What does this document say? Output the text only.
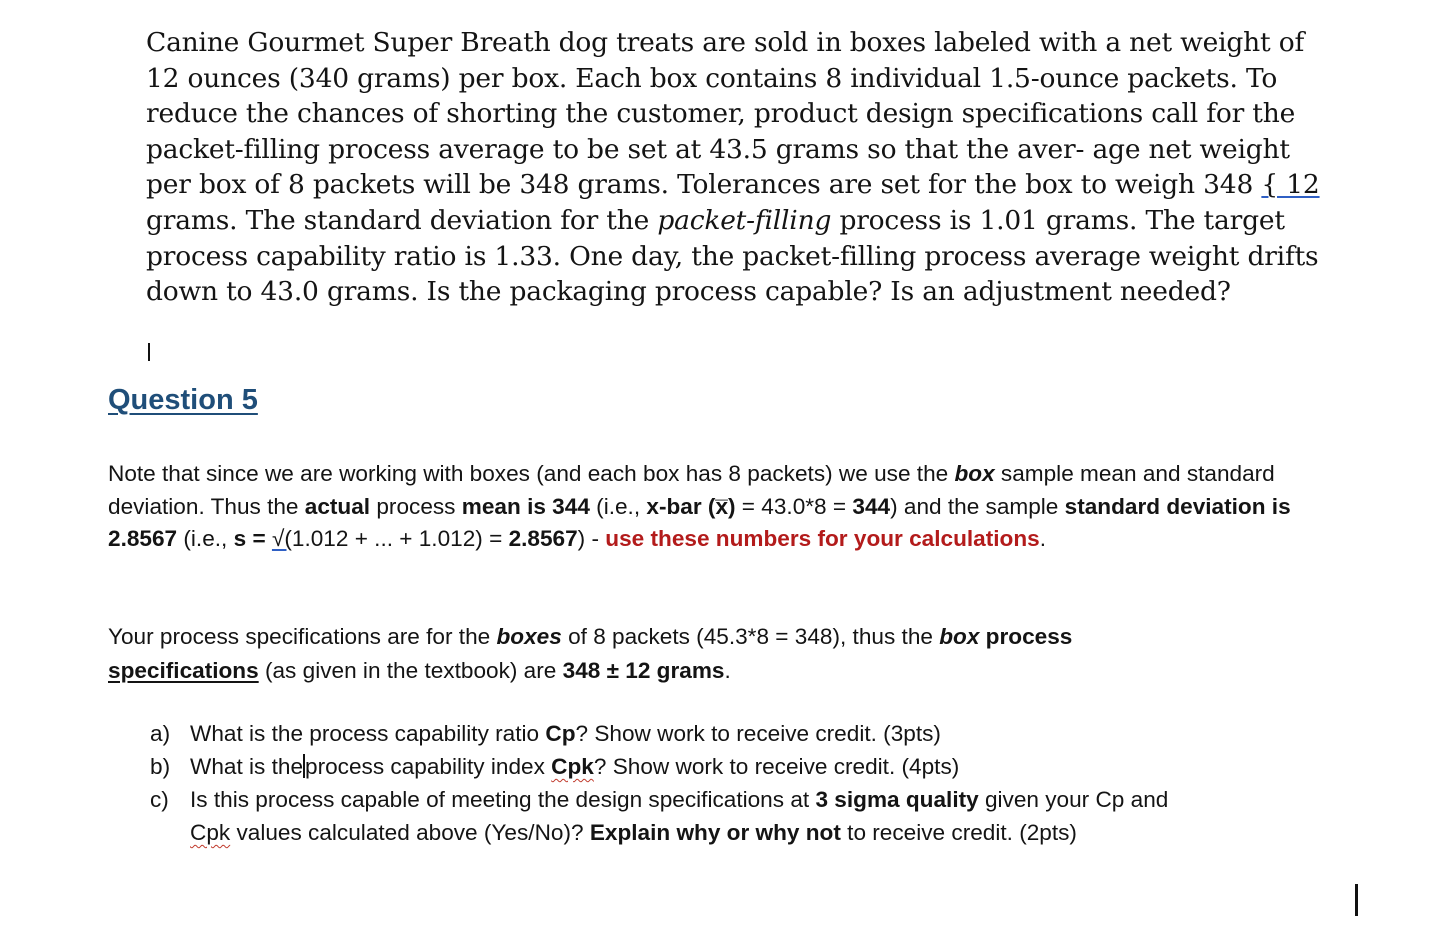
Canine Gourmet Super Breath dog treats are sold in boxes labeled with a net weight of 12 ounces (340 grams) per box. Each box contains 8 individual 1.5-ounce packets. To reduce the chances of shorting the customer, product design specifications call for the packet-filling process average to be set at 43.5 grams so that the aver- age net weight per box of 8 packets will be 348 grams. Tolerances are set for the box to weigh 348 { 12 grams. The standard deviation for the packet-filling process is 1.01 grams. The target process capability ratio is 1.33. One day, the packet-filling process average weight drifts down to 43.0 grams. Is the packaging process capable? Is an adjustment needed?
Question 5
Note that since we are working with boxes (and each box has 8 packets) we use the box sample mean and standard deviation. Thus the actual process mean is 344 (i.e., x-bar (x̅) = 43.0*8 = 344) and the sample standard deviation is 2.8567 (i.e., s = √(1.012 + ... + 1.012) = 2.8567) - use these numbers for your calculations.
Your process specifications are for the boxes of 8 packets (45.3*8 = 348), thus the box process
specifications (as given in the textbook) are 348 ± 12 grams.
a) What is the process capability ratio Cp? Show work to receive credit. (3pts)
b) What is theprocess capability index Cpk? Show work to receive credit. (4pts)
c) Is this process capable of meeting the design specifications at 3 sigma quality given your Cp and
Cpk values calculated above (Yes/No)? Explain why or why not to receive credit. (2pts)
